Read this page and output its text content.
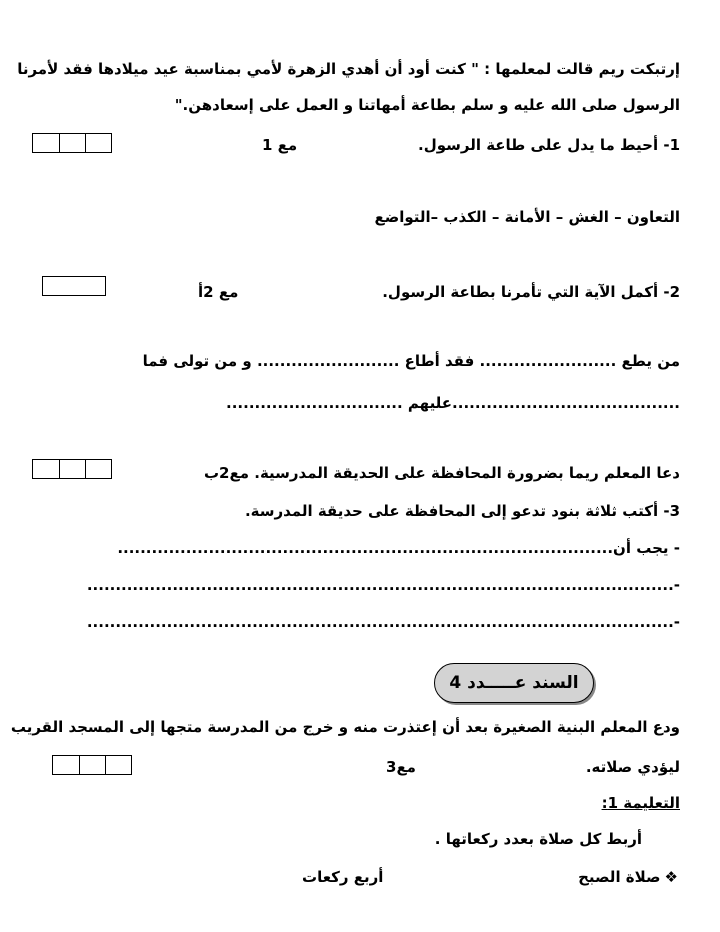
إرتبكت ريم قالت لمعلمها : " كنت أود أن أهدي الزهرة لأمي بمناسبة عيد ميلادها فقد لأمرنا
الرسول صلى الله عليه و سلم بطاعة أمهاتنا و العمل على إسعادهن."
1- أحيط ما يدل على طاعة الرسول.
مع 1
التعاون – الغش – الأمانة – الكذب –التواضع
2- أكمل الآية التي تأمرنا بطاعة الرسول.
مع 2أ
من يطع ........................ فقد أطاع ......................... و من تولى فما
........................................عليهم ...............................
دعا المعلم ريما بضرورة المحافظة على الحديقة المدرسية. مع2ب
3- أكتب ثلاثة بنود تدعو إلى المحافظة على حديقة المدرسة.
- يجب أن.......................................................................................
-.......................................................................................................
-.......................................................................................................
السند عـــــدد 4
ودع المعلم البنية الصغيرة بعد أن إعتذرت منه و خرج من المدرسة متجها إلى المسجد القريب
ليؤدي صلاته.
مع3
التعليمة 1:
أربط كل صلاة بعدد ركعاتها .
❖
صلاة الصبح
أربع ركعات
